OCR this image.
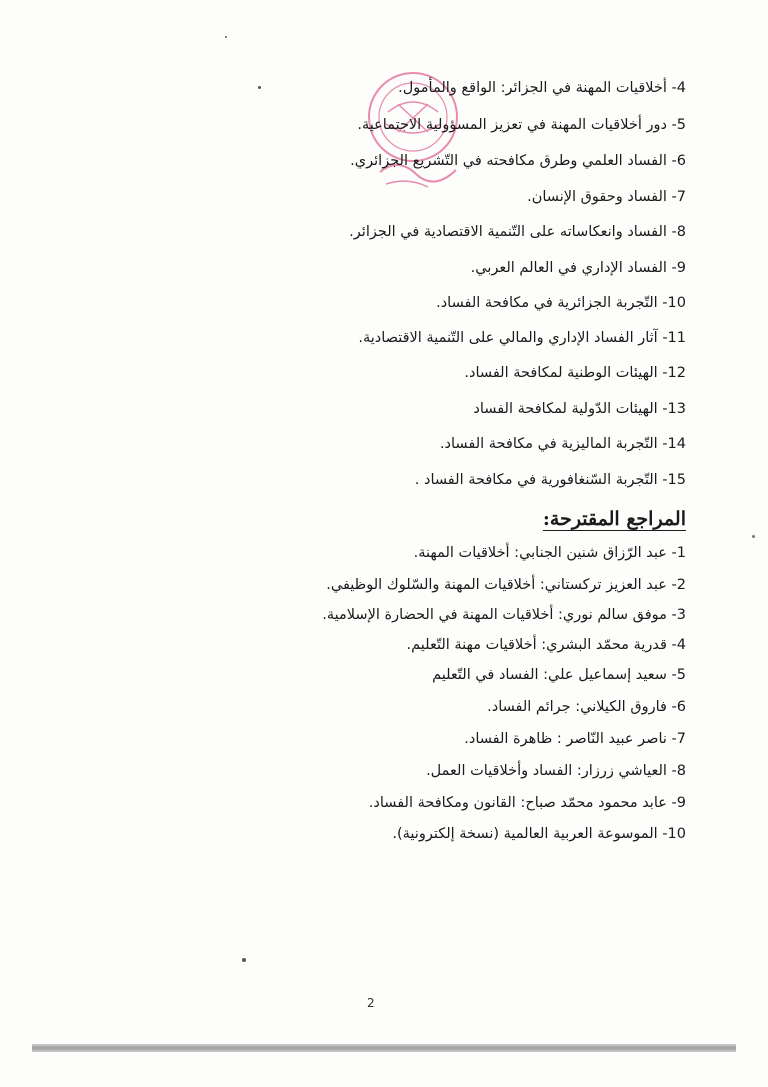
4- أخلاقيات المهنة في الجزائر: الواقع والمأمول.
5- دور أخلاقيات المهنة في تعزيز المسؤولية الاجتماعية.
6- الفساد العلمي وطرق مكافحته في التّشريع الجزائري.
7- الفساد وحقوق الإنسان.
8- الفساد وانعكاساته على التّنمية الاقتصادية في الجزائر.
9- الفساد الإداري في العالم العربي.
10- التّجربة الجزائرية في مكافحة الفساد.
11- آثار الفساد الإداري والمالي على التّنمية الاقتصادية.
12- الهيئات الوطنية لمكافحة الفساد.
13- الهيئات الدّولية لمكافحة الفساد
14- التّجربة الماليزية في مكافحة الفساد.
15- التّجربة السّنغافورية في مكافحة الفساد .
المراجع المقترحة:
1- عبد الرّزاق شنين الجنابي: أخلاقيات المهنة.
2- عبد العزيز تركستاني: أخلاقيات المهنة والسّلوك الوظيفي.
3- موفق سالم نوري: أخلاقيات المهنة في الحضارة الإسلامية.
4- قدرية محمّد البشري: أخلاقيات مهنة التّعليم.
5- سعيد إسماعيل علي: الفساد في التّعليم
6- فاروق الكيلاني: جرائم الفساد.
7- ناصر عبيد النّاصر : ظاهرة الفساد.
8- العياشي زرزار: الفساد وأخلاقيات العمل.
9- عابد محمود محمّد صباح: القانون ومكافحة الفساد.
10- الموسوعة العربية العالمية (نسخة إلكترونية).
2
